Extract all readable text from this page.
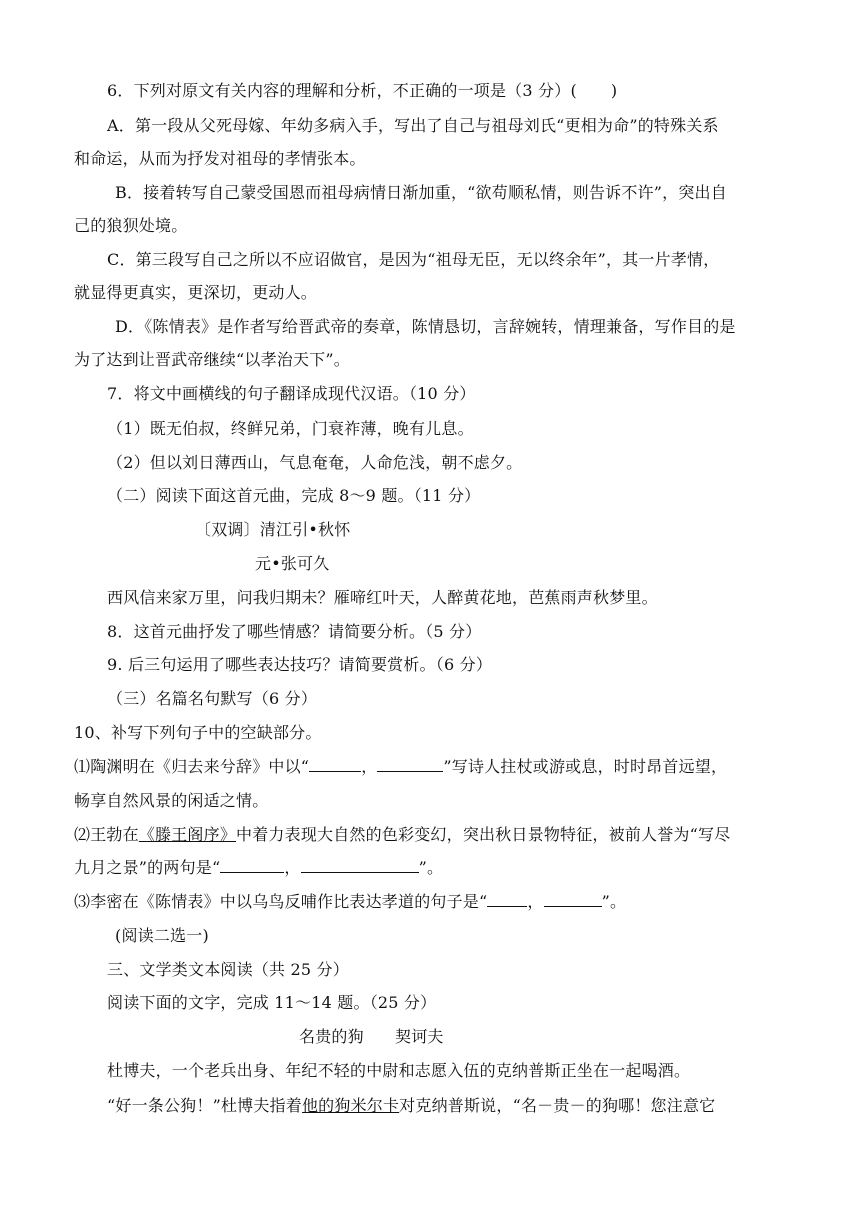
6．下列对原文有关内容的理解和分析，不正确的一项是（3 分）( )
A．第一段从父死母嫁、年幼多病入手，写出了自己与祖母刘氏“更相为命”的特殊关系
和命运，从而为抒发对祖母的孝情张本。
B．接着转写自己蒙受国恩而祖母病情日渐加重，“欲苟顺私情，则告诉不许”，突出自
己的狼狈处境。
C．第三段写自己之所以不应诏做官，是因为“祖母无臣，无以终余年”，其一片孝情，
就显得更真实，更深切，更动人。
D．《陈情表》是作者写给晋武帝的奏章，陈情恳切，言辞婉转，情理兼备，写作目的是
为了达到让晋武帝继续“以孝治天下”。
7．将文中画横线的句子翻译成现代汉语。（10 分）
（1）既无伯叔，终鲜兄弟，门衰祚薄，晚有儿息。
（2）但以刘日薄西山，气息奄奄，人命危浅，朝不虑夕。
（二）阅读下面这首元曲，完成 8～9 题。（11 分）
〔双调〕清江引•秋怀
元•张可久
西风信来家万里，问我归期未？雁啼红叶天，人醉黄花地，芭蕉雨声秋梦里。
8．这首元曲抒发了哪些情感？请简要分析。（5 分）
9. 后三句运用了哪些表达技巧？请简要赏析。（6 分）
（三）名篇名句默写（6 分）
10、补写下列句子中的空缺部分。
⑴陶渊明在《归去来兮辞》中以“	，	”写诗人拄杖或游或息，时时昂首远望，
畅享自然风景的闲适之情。
⑵王勃在《滕王阁序》中着力表现大自然的色彩变幻，突出秋日景物特征，被前人誉为“写尽
九月之景”的两句是“	，	”。
⑶李密在《陈情表》中以乌鸟反哺作比表达孝道的句子是“	，	”。
(阅读二选一)
三、文学类文本阅读（共 25 分）
阅读下面的文字，完成 11～14 题。（25 分）
名贵的狗 契诃夫
杜博夫，一个老兵出身、年纪不轻的中尉和志愿入伍的克纳普斯正坐在一起喝酒。
“好一条公狗！”杜博夫指着他的狗米尔卡对克纳普斯说，“名－贵－的狗哪！您注意它
